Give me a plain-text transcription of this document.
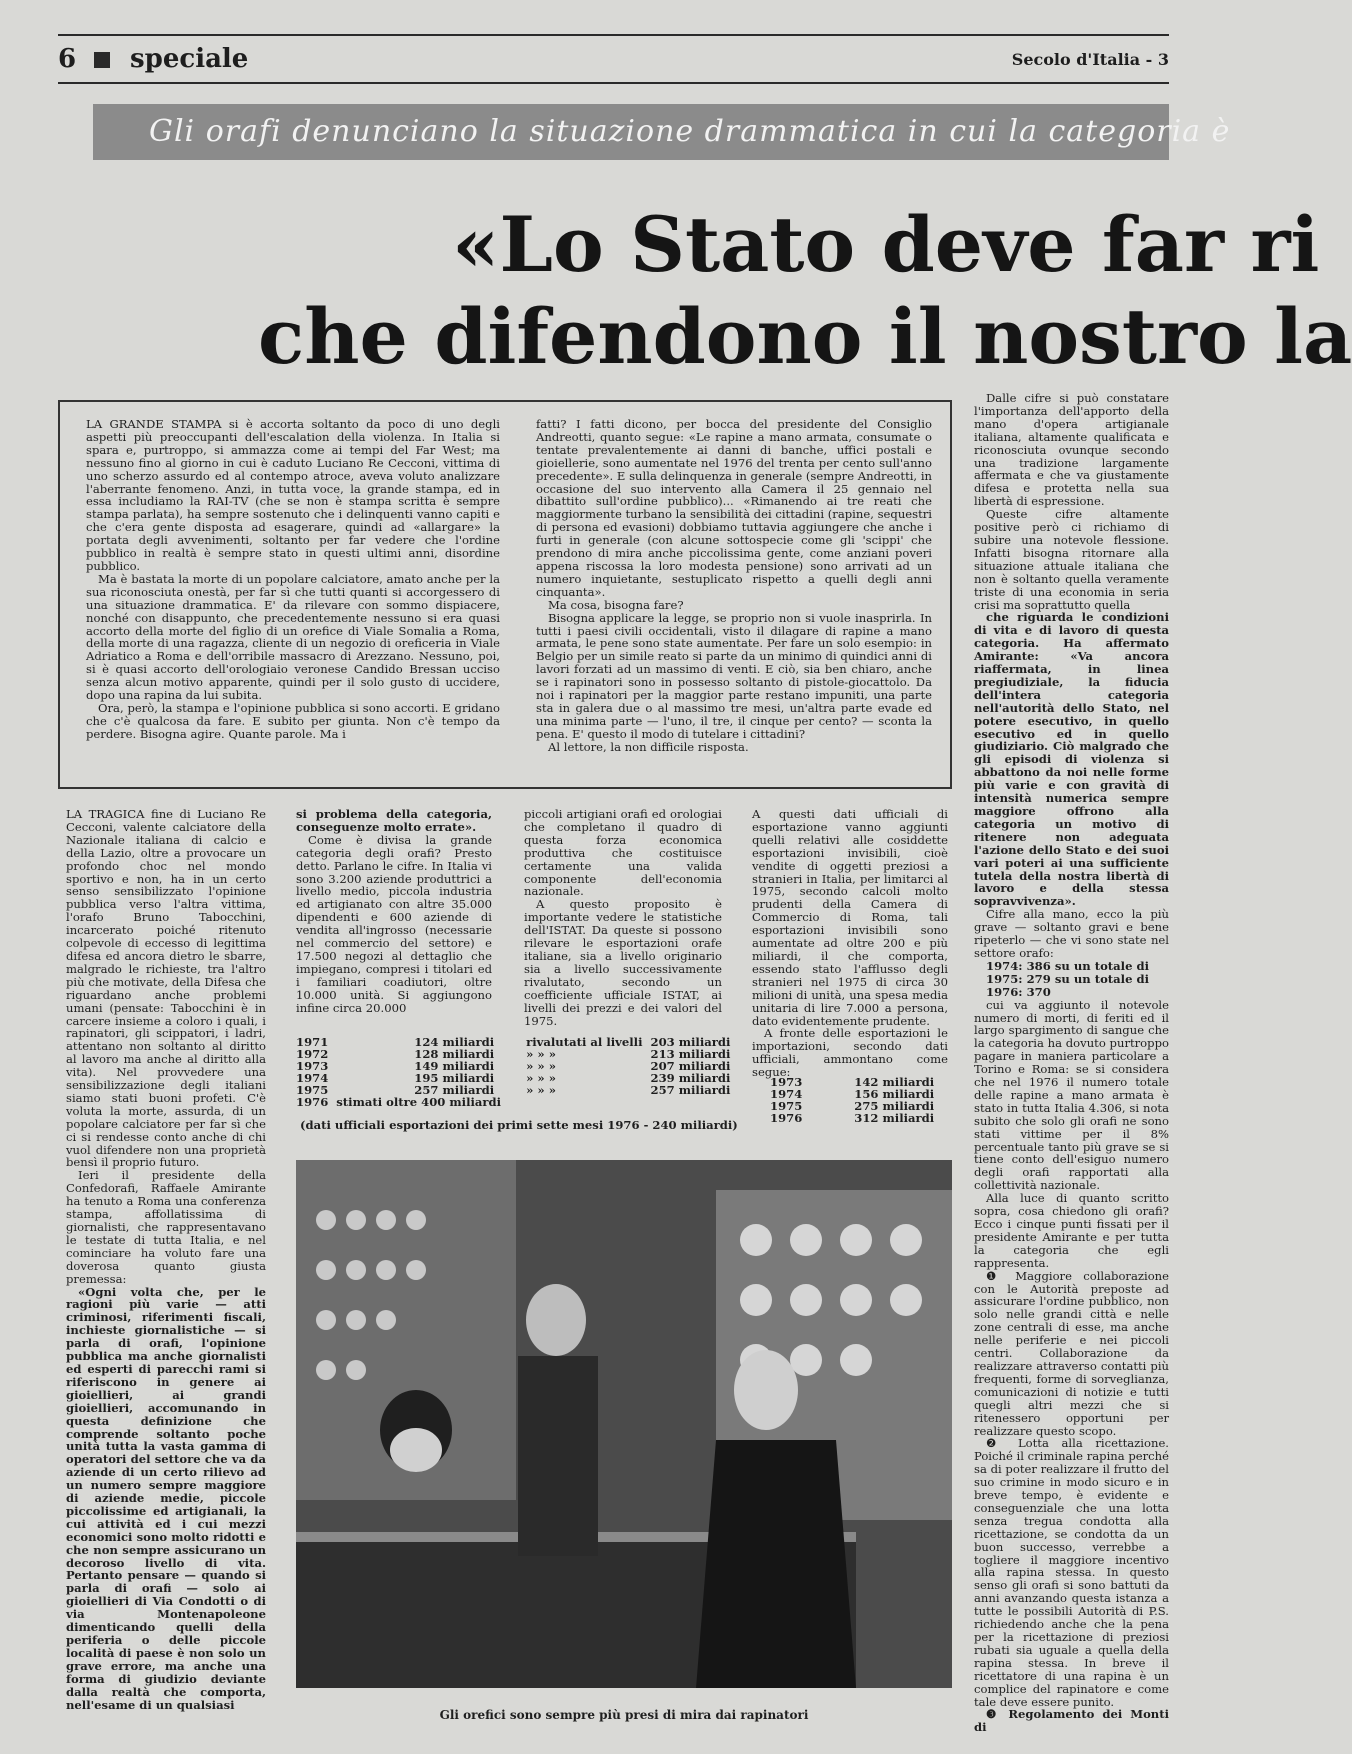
6 speciale	Secolo d'Italia - 3
Gli orafi denunciano la situazione drammatica in cui la categoria è
«Lo Stato deve far ri
che difendono il nostro la

LA GRANDE STAMPA si è accorta soltanto da poco di uno degli aspetti più preoccupanti dell'escalation della violenza. In Italia si spara e, purtroppo, si ammazza come ai tempi del Far West; ma nessuno fino al giorno in cui è caduto Luciano Re Cecconi, vittima di uno scherzo assurdo ed al contempo atroce, aveva voluto analizzare l'aberrante fenomeno. Anzi, in tutta voce, la grande stampa, ed in essa includiamo la RAI-TV (che se non è stampa scritta è sempre stampa parlata), ha sempre sostenuto che i delinquenti vanno capiti e che c'era gente disposta ad esagerare, quindi ad «allargare» la portata degli avvenimenti, soltanto per far vedere che l'ordine pubblico in realtà è sempre stato in questi ultimi anni, disordine pubblico.

Ma è bastata la morte di un popolare calciatore, amato anche per la sua riconosciuta onestà, per far sì che tutti quanti si accorgessero di una situazione drammatica. E' da rilevare con sommo dispiacere, nonché con disappunto, che precedentemente nessuno si era quasi accorto della morte del figlio di un orefice di Viale Somalia a Roma, della morte di una ragazza, cliente di un negozio di oreficeria in Viale Adriatico a Roma e dell'orribile massacro di Arezzano. Nessuno, poi, si è quasi accorto dell'orologiaio veronese Candido Bressan ucciso senza alcun motivo apparente, quindi per il solo gusto di uccidere, dopo una rapina da lui subita.

Ora, però, la stampa e l'opinione pubblica si sono accorti. E gridano che c'è qualcosa da fare. E subito per giunta. Non c'è tempo da perdere. Bisogna agire. Quante parole. Ma i

fatti? I fatti dicono, per bocca del presidente del Consiglio Andreotti, quanto segue: «Le rapine a mano armata, consumate o tentate prevalentemente ai danni di banche, uffici postali e gioiellerie, sono aumentate nel 1976 del trenta per cento sull'anno precedente». E sulla delinquenza in generale (sempre Andreotti, in occasione del suo intervento alla Camera il 25 gennaio nel dibattito sull'ordine pubblico)... «Rimanendo ai tre reati che maggiormente turbano la sensibilità dei cittadini (rapine, sequestri di persona ed evasioni) dobbiamo tuttavia aggiungere che anche i furti in generale (con alcune sottospecie come gli 'scippi' che prendono di mira anche piccolissima gente, come anziani poveri appena riscossa la loro modesta pensione) sono arrivati ad un numero inquietante, sestuplicato rispetto a quelli degli anni cinquanta».

Ma cosa, bisogna fare?

Bisogna applicare la legge, se proprio non si vuole inasprirla. In tutti i paesi civili occidentali, visto il dilagare di rapine a mano armata, le pene sono state aumentate. Per fare un solo esempio: in Belgio per un simile reato si parte da un minimo di quindici anni di lavori forzati ad un massimo di venti. E ciò, sia ben chiaro, anche se i rapinatori sono in possesso soltanto di pistole-giocattolo. Da noi i rapinatori per la maggior parte restano impuniti, una parte sta in galera due o al massimo tre mesi, un'altra parte evade ed una minima parte — l'uno, il tre, il cinque per cento? — sconta la pena. E' questo il modo di tutelare i cittadini?

Al lettore, la non difficile risposta.

LA TRAGICA fine di Luciano Re Cecconi, valente calciatore della Nazionale italiana di calcio e della Lazio, oltre a provocare un profondo choc nel mondo sportivo e non, ha in un certo senso sensibilizzato l'opinione pubblica verso l'altra vittima, l'orafo Bruno Tabocchini, incarcerato poiché ritenuto colpevole di eccesso di legittima difesa ed ancora dietro le sbarre, malgrado le richieste, tra l'altro più che motivate, della Difesa che riguardano anche problemi umani (pensate: Tabocchini è in carcere insieme a coloro i quali, i rapinatori, gli scippatori, i ladri, attentano non soltanto al diritto al lavoro ma anche al diritto alla vita). Nel provvedere una sensibilizzazione degli italiani siamo stati buoni profeti. C'è voluta la morte, assurda, di un popolare calciatore per far sì che ci si rendesse conto anche di chi vuol difendere non una proprietà bensì il proprio futuro.

Ieri il presidente della Confedorafi, Raffaele Amirante ha tenuto a Roma una conferenza stampa, affollatissima di giornalisti, che rappresentavano le testate di tutta Italia, e nel cominciare ha voluto fare una doverosa quanto giusta premessa:

«Ogni volta che, per le ragioni più varie — atti criminosi, riferimenti fiscali, inchieste giornalistiche — si parla di orafi, l'opinione pubblica ma anche giornalisti ed esperti di parecchi rami si riferiscono in genere ai gioiellieri, ai grandi gioiellieri, accomunando in questa definizione che comprende soltanto poche unità tutta la vasta gamma di operatori del settore che va da aziende di un certo rilievo ad un numero sempre maggiore di aziende medie, piccole piccolissime ed artigianali, la cui attività ed i cui mezzi economici sono molto ridotti e che non sempre assicurano un decoroso livello di vita. Pertanto pensare — quando si parla di orafi — solo ai gioiellieri di Via Condotti o di via Montenapoleone dimenticando quelli della periferia o delle piccole località di paese è non solo un grave errore, ma anche una forma di giudizio deviante dalla realtà che comporta, nell'esame di un qualsiasi

si problema della categoria, conseguenze molto errate».

Come è divisa la grande categoria degli orafi? Presto detto. Parlano le cifre. In Italia vi sono 3.200 aziende produttrici a livello medio, piccola industria ed artigianato con altre 35.000 dipendenti e 600 aziende di vendita all'ingrosso (necessarie nel commercio del settore) e 17.500 negozi al dettaglio che impiegano, compresi i titolari ed i familiari coadiutori, oltre 10.000 unità. Si aggiungono infine circa 20.000

piccoli artigiani orafi ed orologiai che completano il quadro di questa forza economica produttiva che costituisce certamente una valida componente dell'economia nazionale.

A questo proposito è importante vedere le statistiche dell'ISTAT. Da queste si possono rilevare le esportazioni orafe italiane, sia a livello originario sia a livello successivamente rivalutato, secondo un coefficiente ufficiale ISTAT, ai livelli dei prezzi e dei valori del 1975.

A questi dati ufficiali di esportazione vanno aggiunti quelli relativi alle cosiddette esportazioni invisibili, cioè vendite di oggetti preziosi a stranieri in Italia, per limitarci al 1975, secondo calcoli molto prudenti della Camera di Commercio di Roma, tali esportazioni invisibili sono aumentate ad oltre 200 e più miliardi, il che comporta, essendo stato l'afflusso degli stranieri nel 1975 di circa 30 milioni di unità, una spesa media unitaria di lire 7.000 a persona, dato evidentemente prudente.

A fronte delle esportazioni le importazioni, secondo dati ufficiali, ammontano come segue:

1971	124 miliardi	rivalutati al livelli	203 miliardi
1972	128 miliardi	» » »	213 miliardi
1973	149 miliardi	» » »	207 miliardi
1974	195 miliardi	» » »	239 miliardi
1975	257 miliardi	» » »	257 miliardi
1976	stimati oltre 400 miliardi		
(dati ufficiali esportazioni dei primi sette mesi 1976 - 240 miliardi)
1973	142 miliardi
1974	156 miliardi
1975	275 miliardi
1976	312 miliardi
Gli orefici sono sempre più presi di mira dai rapinatori

Dalle cifre si può constatare l'importanza dell'apporto della mano d'opera artigianale italiana, altamente qualificata e riconosciuta ovunque secondo una tradizione largamente affermata e che va giustamente difesa e protetta nella sua libertà di espressione.

Queste cifre altamente positive però ci richiamo di subire una notevole flessione. Infatti bisogna ritornare alla situazione attuale italiana che non è soltanto quella veramente triste di una economia in seria crisi ma soprattutto quella

che riguarda le condizioni di vita e di lavoro di questa categoria. Ha affermato Amirante: «Va ancora riaffermata, in linea pregiudiziale, la fiducia dell'intera categoria nell'autorità dello Stato, nel potere esecutivo, in quello esecutivo ed in quello giudiziario. Ciò malgrado che gli episodi di violenza si abbattono da noi nelle forme più varie e con gravità di intensità numerica sempre maggiore offrono alla categoria un motivo di ritenere non adeguata l'azione dello Stato e dei suoi vari poteri ai una sufficiente tutela della nostra libertà di lavoro e della stessa sopravvivenza».

Cifre alla mano, ecco la più grave — soltanto gravi e bene ripeterlo — che vi sono state nel settore orafo:

1974: 386 su un totale di

1975: 279 su un totale di

1976: 370

cui va aggiunto il notevole numero di morti, di feriti ed il largo spargimento di sangue che la categoria ha dovuto purtroppo pagare in maniera particolare a Torino e Roma: se si considera che nel 1976 il numero totale delle rapine a mano armata è stato in tutta Italia 4.306, si nota subito che solo gli orafi ne sono stati vittime per il 8% percentuale tanto più grave se si tiene conto dell'esiguo numero degli orafi rapportati alla collettività nazionale.

Alla luce di quanto scritto sopra, cosa chiedono gli orafi? Ecco i cinque punti fissati per il presidente Amirante e per tutta la categoria che egli rappresenta.

❶ Maggiore collaborazione con le Autorità preposte ad assicurare l'ordine pubblico, non solo nelle grandi città e nelle zone centrali di esse, ma anche nelle periferie e nei piccoli centri. Collaborazione da realizzare attraverso contatti più frequenti, forme di sorveglianza, comunicazioni di notizie e tutti quegli altri mezzi che si ritenessero opportuni per realizzare questo scopo.

❷ Lotta alla ricettazione. Poiché il criminale rapina perché sa di poter realizzare il frutto del suo crimine in modo sicuro e in breve tempo, è evidente e conseguenziale che una lotta senza tregua condotta alla ricettazione, se condotta da un buon successo, verrebbe a togliere il maggiore incentivo alla rapina stessa. In questo senso gli orafi si sono battuti da anni avanzando questa istanza a tutte le possibili Autorità di P.S. richiedendo anche che la pena per la ricettazione di preziosi rubati sia uguale a quella della rapina stessa. In breve il ricettatore di una rapina è un complice del rapinatore e come tale deve essere punito.

❸ Regolamento dei Monti di
